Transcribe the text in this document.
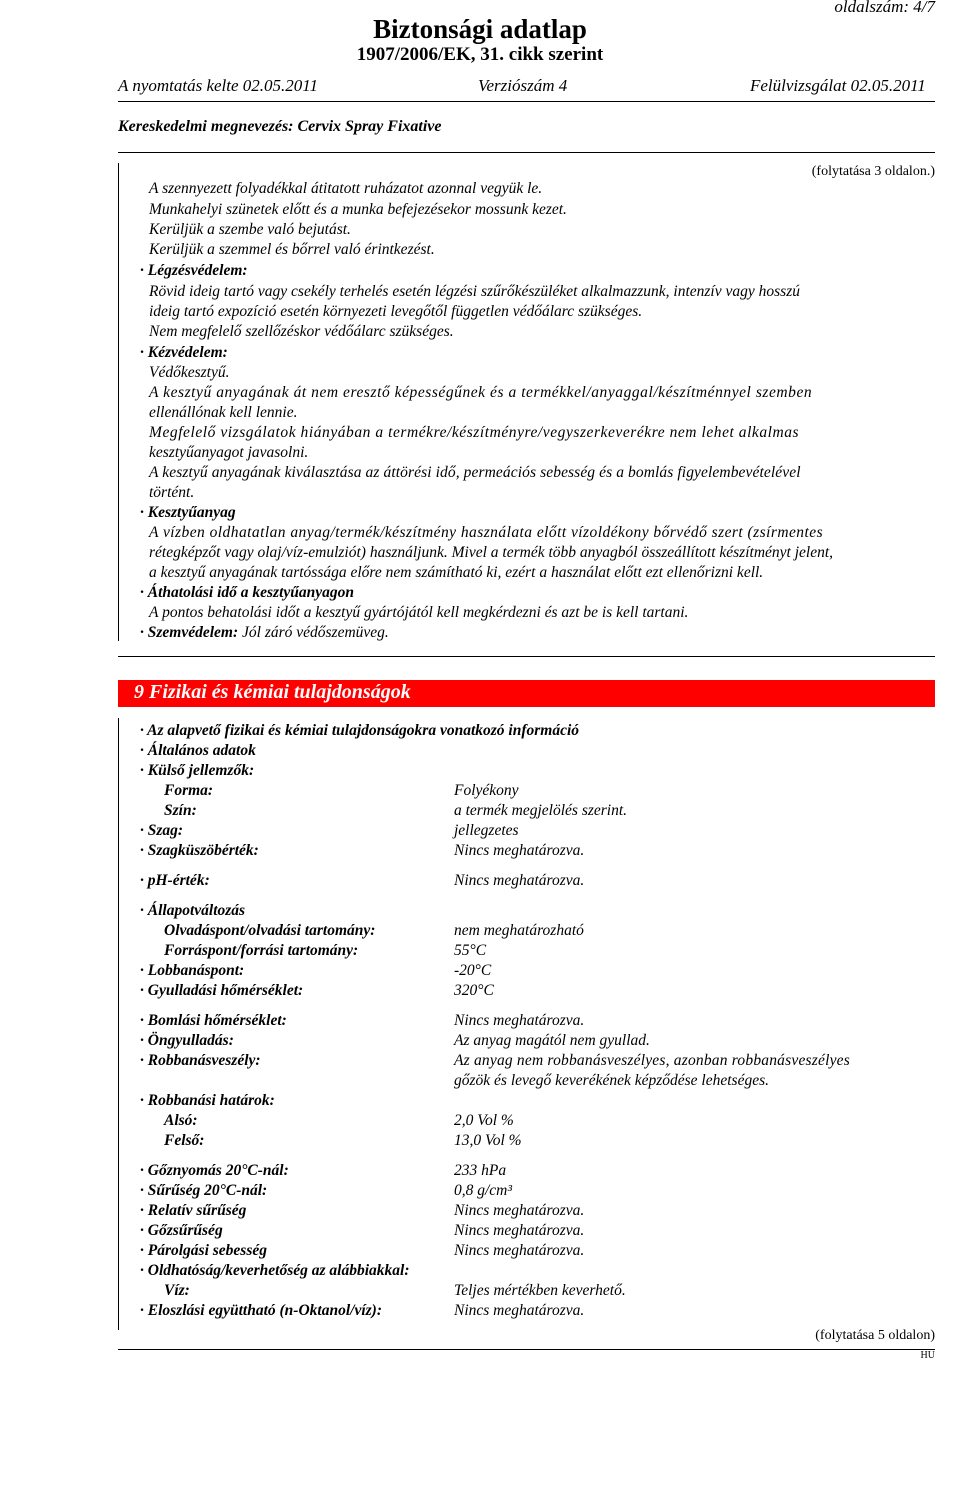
oldalszám: 4/7
Biztonsági adatlap
1907/2006/EK, 31. cikk szerint
A nyomtatás kelte 02.05.2011	Verziószám 4	Felülvizsgálat 02.05.2011
Kereskedelmi megnevezés: Cervix Spray Fixative
(folytatása 3 oldalon.)
A szennyezett folyadékkal átitatott ruházatot azonnal vegyük le.
Munkahelyi szünetek előtt és a munka befejezésekor mossunk kezet.
Kerüljük a szembe való bejutást.
Kerüljük a szemmel és bőrrel való érintkezést.
· Légzésvédelem:
Rövid ideig tartó vagy csekély terhelés esetén légzési szűrőkészüléket alkalmazzunk, intenzív vagy hosszú
ideig tartó expozíció esetén környezeti levegőtől független védőálarc szükséges.
Nem megfelelő szellőzéskor védőálarc szükséges.
· Kézvédelem:
Védőkesztyű.
A kesztyű anyagának át nem eresztő képességűnek és a termékkel/anyaggal/készítménnyel szemben
ellenállónak kell lennie.
Megfelelő vizsgálatok hiányában a termékre/készítményre/vegyszerkeverékre nem lehet alkalmas
kesztyűanyagot javasolni.
A kesztyű anyagának kiválasztása az áttörési idő, permeációs sebesség és a bomlás figyelembevételével
történt.
· Kesztyűanyag
A vízben oldhatatlan anyag/termék/készítmény használata előtt vízoldékony bőrvédő szert (zsírmentes
rétegképzőt vagy olaj/víz-emulziót) használjunk. Mivel a termék több anyagból összeállított készítményt jelent,
a kesztyű anyagának tartóssága előre nem számítható ki, ezért a használat előtt ezt ellenőrizni kell.
· Áthatolási idő a kesztyűanyagon
A pontos behatolási időt a kesztyű gyártójától kell megkérdezni és azt be is kell tartani.
· Szemvédelem: Jól záró védőszemüveg.
9 Fizikai és kémiai tulajdonságok
· Az alapvető fizikai és kémiai tulajdonságokra vonatkozó információ
· Általános adatok
· Külső jellemzők:
Forma:	Folyékony
Szín:	a termék megjelölés szerint.
· Szag:	jellegzetes
· Szagküszöbérték:	Nincs meghatározva.
· pH-érték:	Nincs meghatározva.
· Állapotváltozás
Olvadáspont/olvadási tartomány:	nem meghatározható
Forráspont/forrási tartomány:	55°C
· Lobbanáspont:	-20°C
· Gyulladási hőmérséklet:	320°C
· Bomlási hőmérséklet:	Nincs meghatározva.
· Öngyulladás:	Az anyag magától nem gyullad.
· Robbanásveszély:	Az anyag nem robbanásveszélyes, azonban robbanásveszélyes
gőzök és levegő keverékének képződése lehetséges.
· Robbanási határok:
Alsó:	2,0 Vol %
Felső:	13,0 Vol %
· Gőznyomás 20°C-nál:	233 hPa
· Sűrűség 20°C-nál:	0,8 g/cm³
· Relatív sűrűség	Nincs meghatározva.
· Gőzsűrűség	Nincs meghatározva.
· Párolgási sebesség	Nincs meghatározva.
· Oldhatóság/keverhetőség az alábbiakkal:
Víz:	Teljes mértékben keverhető.
· Eloszlási együttható (n-Oktanol/víz):	Nincs meghatározva.
(folytatása 5 oldalon)
HU
